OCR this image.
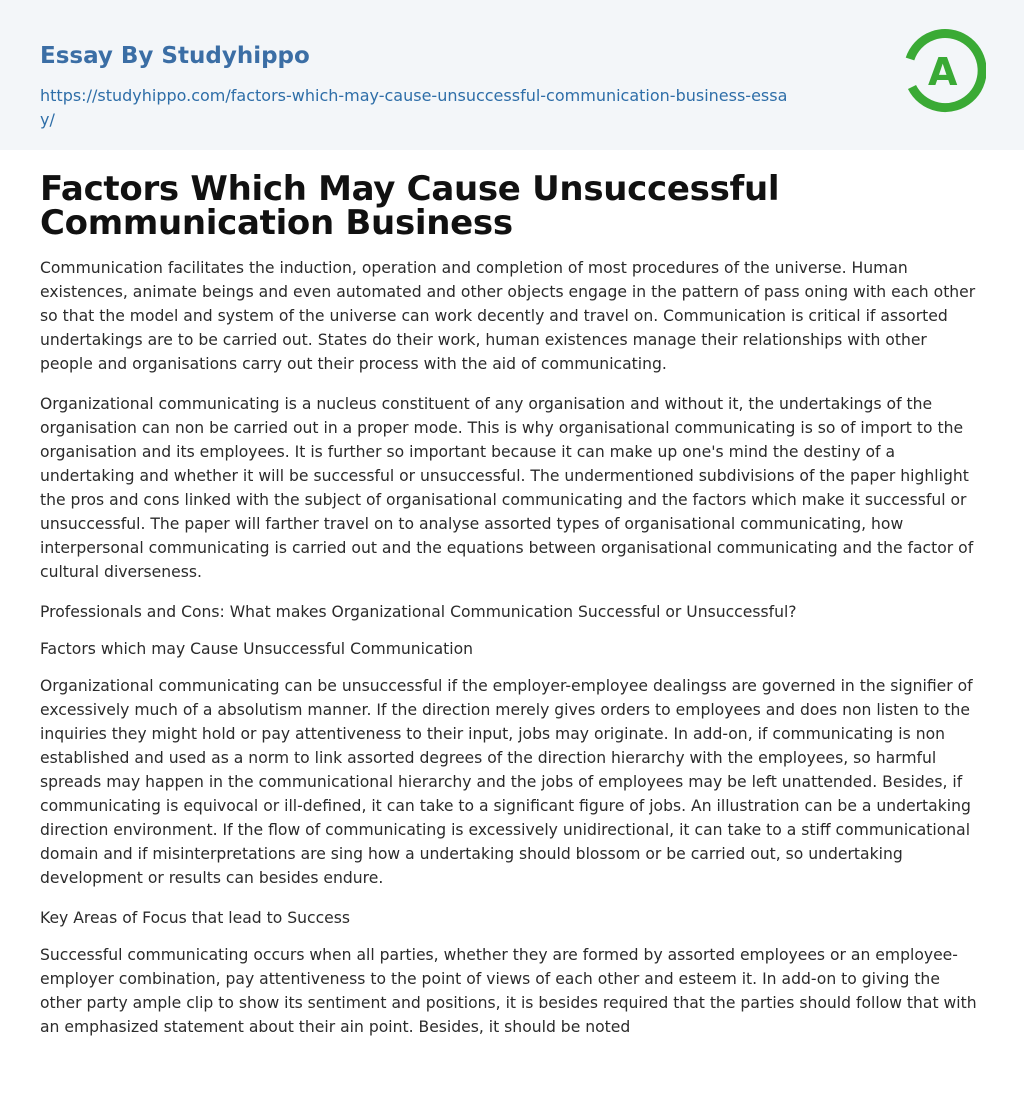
Essay By Studyhippo
https://studyhippo.com/factors-which-may-cause-unsuccessful-communication-business-essay/
A
Factors Which May Cause Unsuccessful Communication Business

Communication facilitates the induction, operation and completion of most procedures of the universe. Human existences, animate beings and even automated and other objects engage in the pattern of pass oning with each other so that the model and system of the universe can work decently and travel on. Communication is critical if assorted undertakings are to be carried out. States do their work, human existences manage their relationships with other people and organisations carry out their process with the aid of communicating.

Organizational communicating is a nucleus constituent of any organisation and without it, the undertakings of the organisation can non be carried out in a proper mode. This is why organisational communicating is so of import to the organisation and its employees. It is further so important because it can make up one's mind the destiny of a undertaking and whether it will be successful or unsuccessful. The undermentioned subdivisions of the paper highlight the pros and cons linked with the subject of organisational communicating and the factors which make it successful or unsuccessful. The paper will farther travel on to analyse assorted types of organisational communicating, how interpersonal communicating is carried out and the equations between organisational communicating and the factor of cultural diverseness.

Professionals and Cons: What makes Organizational Communication Successful or Unsuccessful?

Factors which may Cause Unsuccessful Communication

Organizational communicating can be unsuccessful if the employer-employee dealingss are governed in the signifier of excessively much of a absolutism manner. If the direction merely gives orders to employees and does non listen to the inquiries they might hold or pay attentiveness to their input, jobs may originate. In add-on, if communicating is non established and used as a norm to link assorted degrees of the direction hierarchy with the employees, so harmful spreads may happen in the communicational hierarchy and the jobs of employees may be left unattended. Besides, if communicating is equivocal or ill-defined, it can take to a significant figure of jobs. An illustration can be a undertaking direction environment. If the flow of communicating is excessively unidirectional, it can take to a stiff communicational domain and if misinterpretations are sing how a undertaking should blossom or be carried out, so undertaking development or results can besides endure.

Key Areas of Focus that lead to Success

Successful communicating occurs when all parties, whether they are formed by assorted employees or an employee-employer combination, pay attentiveness to the point of views of each other and esteem it. In add-on to giving the other party ample clip to show its sentiment and positions, it is besides required that the parties should follow that with an emphasized statement about their ain point. Besides, it should be noted
